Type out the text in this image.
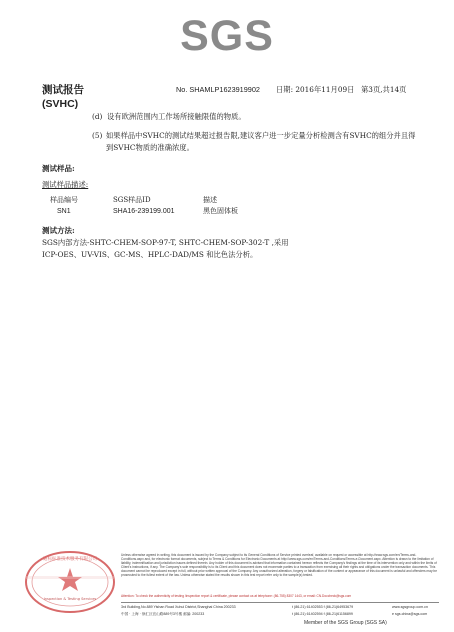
SGS
测试报告
(SVHC)
No. SHAMLP1623919902 日期: 2016年11月09日 第3页,共14页
(d) 设有欧洲范围内工作场所接触限值的物质。
(5) 如果样品中SVHC的测试结果超过报告限,建议客户进一步定量分析检测含有SVHC的组分并且得
到SVHC物质的准确浓度。
测试样品:
测试样品描述:
样品编号	SGS样品ID	描述
SN1	SHA16-239199.001	黑色固体板
测试方法:
SGS内部方法-SHTC-CHEM-SOP-97-T, SHTC-CHEM-SOP-302-T ,采用
ICP-OES、UV-VIS、GC-MS、HPLC-DAD/MS 和比色法分析。
通标标准技术服务有限公司
Inspection & Testing Services
Unless otherwise agreed in writing, this document is issued by the Company subject to its General Conditions of Service printed overleaf, available on request or accessible at http://www.sgs.com/en/Terms-and-Conditions.aspx and, for electronic format documents, subject to Terms & Conditions for Electronic Documents at http://www.sgs.com/en/Terms-and-Conditions/Terms-e-Document.aspx. Attention is drawn to the limitation of liability, indemnification and jurisdiction issues defined therein. Any holder of this document is advised that information contained hereon reflects the Company's findings at the time of its intervention only and within the limits of Client's instructions, if any. The Company's sole responsibility is to its Client and this document does not exonerate parties to a transaction from exercising all their rights and obligations under the transaction documents. This document cannot be reproduced except in full, without prior written approval of the Company. Any unauthorized alteration, forgery or falsification of the content or appearance of this document is unlawful and offenders may be prosecuted to the fullest extent of the law. Unless otherwise stated the results shown in this test report refer only to the sample(s) tested.
Attention: To check the authenticity of testing /inspection report & certificate, please contact us at telephone: (86-755) 8307 1443, or email: CN.Doccheck@sgs.com
3rd Building,No.889 Yishan Road Xuhui District,Shanghai China 200233	t (86-21) 61402553 f (86-21)64953679	www.sgsgroup.com.cn
中国 · 上海 · 徐汇区宜山路889号3号楼 邮编: 200233	t (86-21) 61402594 f (86-21)61156899	e sgs.china@sgs.com
Member of the SGS Group (SGS SA)
